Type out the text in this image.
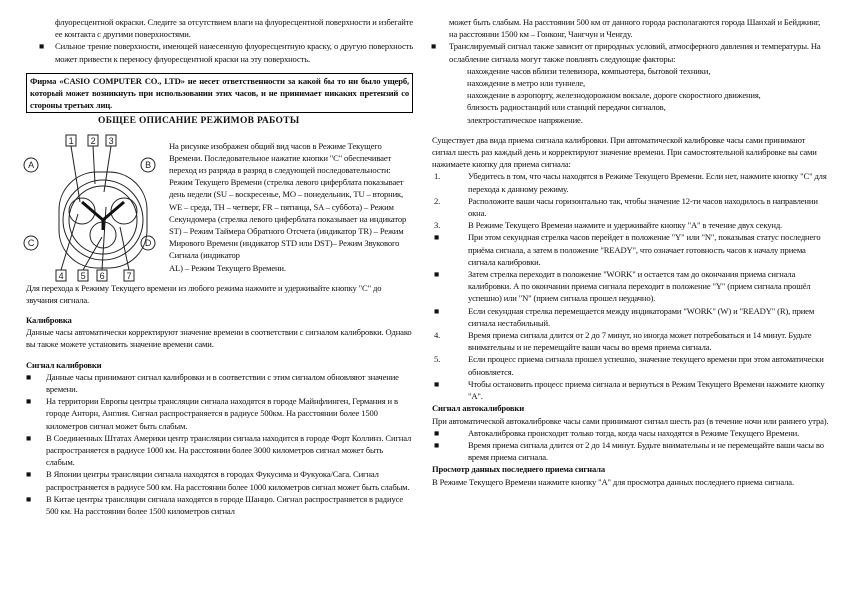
флуоресцентной окраски. Следите за отсутствием влаги на флуоресцентной поверхности и избегайте ее контакта с другими поверхностями.

■ Сильное трение поверхности, имеющей нанесенную флуоресцентную краску, о другую поверхность может привести к переносу флуоресцентной краски на эту поверхность.

Фирма «CASIO COMPUTER CO., LTD» не несет ответственности за какой бы то ни было ущерб, который может возникнуть при использовании этих часов, и не принимает никаких претензий со стороны третьих лиц.

ОБЩЕЕ ОПИСАНИЕ РЕЖИМОВ РАБОТЫ
1 2 3
4 5 6 7
A	B
C	D

На рисунке изображен общий вид часов в Режиме Текущего Времени. Последовательное нажатие кнопки "C" обеспечивает переход из разряда в разряд в следующей последовательности: Режим Текущего Времени (стрелка левого циферблата показывает день недели (SU – воскресенье, MO – понедельник, TU – вторник, WE – среда, TH – четверг, FR – пятница, SA – суббота) – Режим Секундомера (стрелка левого циферблата показывает на индикатор ST) – Режим Таймера Обратного Отсчета (индикатор TR) – Режим Мирового Времени (индикатор STD или DST)– Режим Звукового Сигнала (индикатор

AL) – Режим Текущего Времени.

Для перехода к Режиму Текущего времени из любого режима нажмите и удерживайте кнопку "C" до звучания сигнала.

Калибровка

Данные часы автоматически корректируют значение времени в соответствии с сигналом калибровки. Однако вы также можете установить значение времени сами.

Сигнал калибровки

■ Данные часы принимают сигнал калибровки и в соответствии с этим сигналом обновляют значение времени.

■ На территории Европы центры трансляции сигнала находятся в городе Майнфлинген, Германия и в городе Анторн, Англия. Сигнал распространяется в радиусе 500км. На расстоянии более 1500 километров сигнал может быть слабым.

■ В Соединенных Штатах Америки центр трансляции сигнала находится в городе Форт Коллинз. Сигнал распространяется в радиусе 1000 км. На расстоянии более 3000 километров сигнал может быть слабым.

■ В Японии центры трансляции сигнала находятся в городах Фукусима и Фукуока/Сага. Сигнал распространяется в радиусе 500 км. На расстоянии более 1000 километров сигнал может быть слабым.

■ В Китае центры трансляции сигнала находятся в городе Шанцю. Сигнал распространяется в радиусе 500 км. На расстоянии более 1500 километров сигнал

может быть слабым. На расстоянии 500 км от данного города располагаются города Шанхай и Бейджинг, на расстоянии 1500 км – Гонконг, Чангчун и Ченгду.

■ Транслируемый сигнал также зависит от природных условий, атмосферного давления и температуры. На ослабление сигнала могут также повлиять следующие факторы:

нахождение часов вблизи телевизора, компьютера, бытовой техники,

нахождение в метро или туннеле,

нахождение в аэропорту, железнодорожном вокзале, дороге скоростного движения,

близость радиостанций или станций передачи сигналов,

электростатическое напряжение.

Существует два вида приема сигнала калибровки. При автоматической калибровке часы сами принимают сигнал шесть раз каждый день и корректируют значение времени. При самостоятельной калибровке вы сами нажимаете кнопку для приема сигнала:

1.	Убедитесь в том, что часы находятся в Режиме Текущего Времени. Если нет, нажмите кнопку "C" для перехода к данному режиму.

2.	Расположите ваши часы горизонтально так, чтобы значение 12-ти часов находилось в направлении окна.

3.	В Режиме Текущего Времени нажмите и удерживайте кнопку "A" в течение двух секунд.

■	При этом секундная стрелка часов перейдет в положение "Y" или "N", показывая статус последнего приёма сигнала, а затем в положение "READY", что означает готовность часов к началу приема сигнала калибровки.

■	Затем стрелка переходит в положение "WORK" и остается там до окончания приема сигнала калибровки. А по окончании приема сигнала переходит в положение "Y" (прием сигнала прошёл успешно) или "N" (прием сигнала прошел неудачно).

■	Если секундная стрелка перемещается между индикаторами "WORK" (W) и "READY" (R), прием сигнала нестабильный.

4.	Время приема сигнала длится от 2 до 7 минут, но иногда может потребоваться и 14 минут. Будьте внимательны и не перемещайте ваши часы во время приема сигнала.

5.	Если процесс приема сигнала прошел успешно, значение текущего времени при этом автоматически обновляется.

■	Чтобы остановить процесс приема сигнала и вернуться в Режим Текущего Времени нажмите кнопку "A".

Сигнал автокалибровки

При автоматической автокалибровке часы сами принимают сигнал шесть раз (в течение ночи или раннего утра).

■	Автокалибровка происходит только тогда, когда часы находятся в Режиме Текущего Времени.

■	Время приема сигнала длится от 2 до 14 минут. Будьте внимательны и не перемещайте ваши часы во время приема сигнала.

Просмотр данных последнего приема сигнала

В Режиме Текущего Времени нажмите кнопку "A" для просмотра данных последнего приема сигнала.
